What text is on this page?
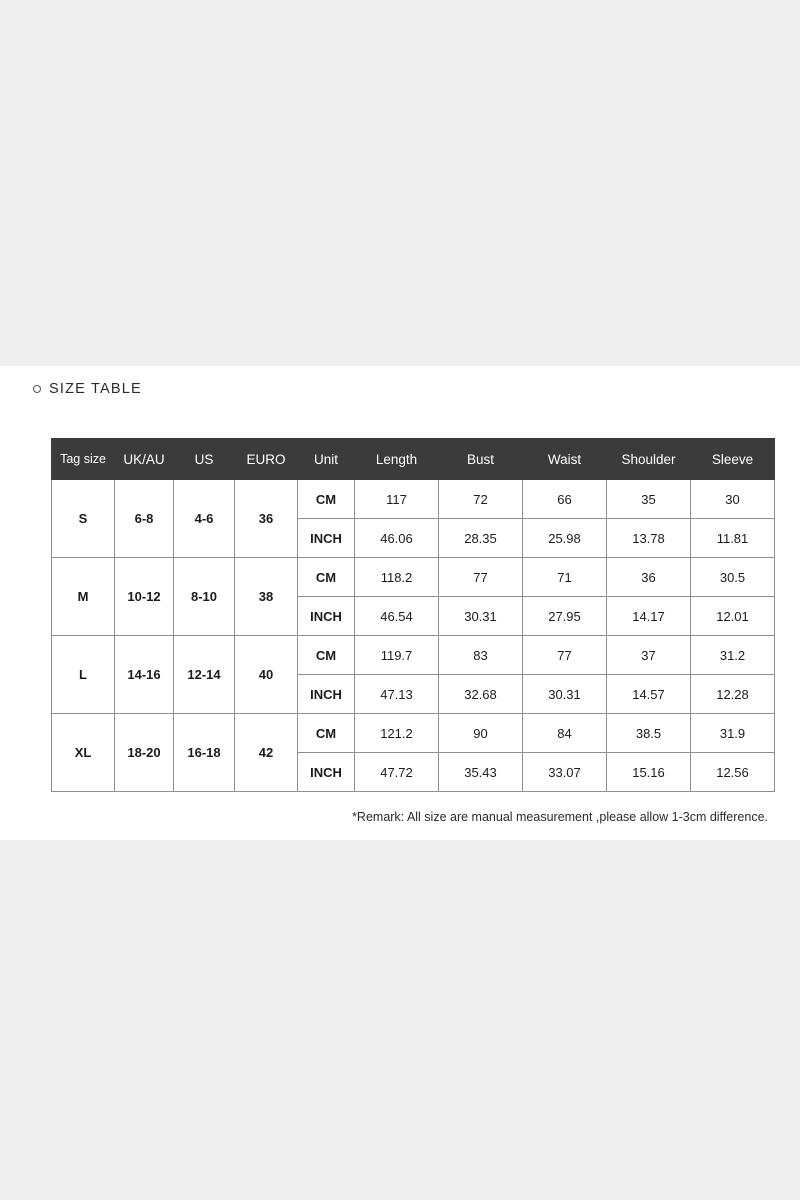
SIZE TABLE
Tag size	UK/AU	US	EURO	Unit	Length	Bust	Waist	Shoulder	Sleeve
S	6-8	4-6	36	CM	117	72	66	35	30
				INCH	46.06	28.35	25.98	13.78	11.81
M	10-12	8-10	38	CM	118.2	77	71	36	30.5
				INCH	46.54	30.31	27.95	14.17	12.01
L	14-16	12-14	40	CM	119.7	83	77	37	31.2
				INCH	47.13	32.68	30.31	14.57	12.28
XL	18-20	16-18	42	CM	121.2	90	84	38.5	31.9
				INCH	47.72	35.43	33.07	15.16	12.56
*Remark: All size are manual measurement ,please allow 1-3cm difference.
